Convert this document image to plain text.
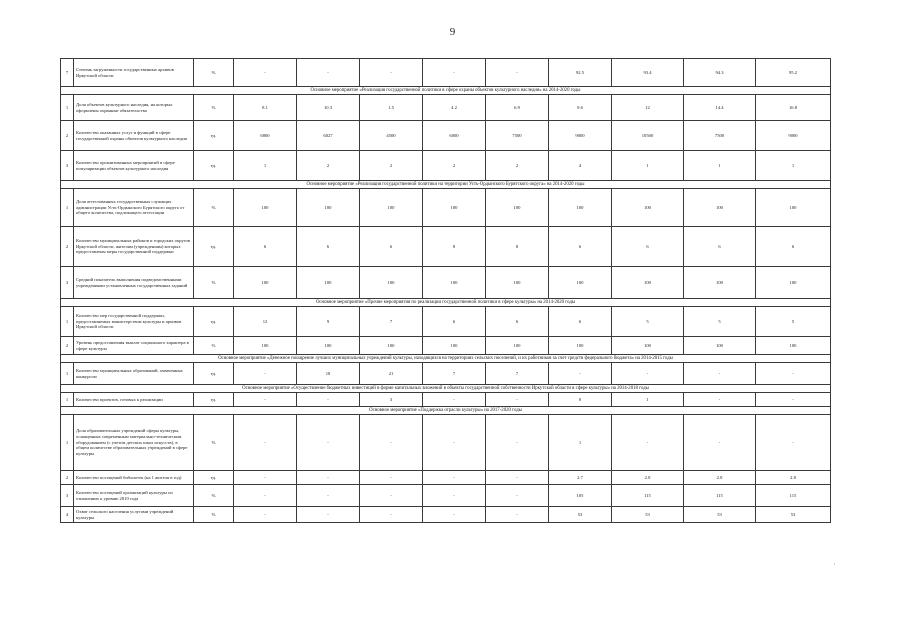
9
7	Степень загруженности государственных архивов Иркутской области	%	-	-	-	-	-	92.5	93.4	94.3	95.2
Основное мероприятие «Реализация государственной политики в сфере охраны объектов культурного наследия» на 2014-2020 годы											
1	Доля объектов культурного наследия, на которых оформлены охранные обязательства	%	8.1	10.3	1.5	4.2	6.9	9.6	12	14.4	16.8
2	Количество оказанных услуг и функций в сфере государственной охраны объектов культурного наследия	ед.	6800	6027	4500	6000	7500	9000	10500	7500	9000
3	Количество организованных мероприятий в сфере популяризации объектов культурного наследия	ед.	1	2	2	2	2	4	1	1	1
Основное мероприятие «Реализация государственной политики на территории Усть-Ордынского Бурятского округа» на 2014-2020 годы											
1	Доля аттестованных государственных служащих администрации Усть-Ордынского Бурятского округа от общего количества, подлежащего аттестации	%	100	100	100	100	100	100	100	100	100
2	Количество муниципальных районов и городских округов Иркутской области, жителям (учреждениям) которых предоставлены меры государственной поддержки	ед.	6	6	6	8	8	6	6	6	6
3	Средний показатель выполнения подведомственными учреждениями установленных государственных заданий	%	100	100	100	100	100	100	100	100	100
Основное мероприятие «Прочие мероприятия по реализации государственной политики в сфере культуры» на 2014-2020 годы											
1	Количество мер государственной поддержки, предоставляемых министерством культуры и архивов Иркутской области	ед.	12	9	7	6	6	6	5	5	5
2	Уровень предоставления выплат социального характера в сфере культуры	%	100	100	100	100	100	100	100	100	100
Основное мероприятие «Денежное поощрение лучших муниципальных учреждений культуры, находящихся на территориях сельских поселений, и их работников за счет средств федерального бюджета» на 2014-2015 годы											
1	Количество муниципальных образований, охваченных конкурсом	ед.	-	18	21	7	7	-	-	-	-
Основное мероприятие «Осуществление бюджетных инвестиций в форме капитальных вложений в объекты государственной собственности Иркутской области в сфере культуры» на 2014-2018 годы											
1	Количество проектов, готовых к реализации	ед.	-	-	3	-	-	0	1	-	-
Основное мероприятие «Поддержка отрасли культуры» на 2017-2020 годы											
1	Доля образовательных учреждений сферы культуры, оснащенных современным материально-техническим оборудованием (с учетом детских школ искусств), в общем количестве образовательных учреждений в сфере культуры	%	-	-	-	-	-	1	-	-	-
2	Количество посещений библиотек (на 1 жителя в год)	ед.	-	-	-	-	-	2.7	2.8	2.8	2.8
3	Количество посещений организаций культуры по отношению к уровню 2010 года	%	-	-	-	-	-	105	115	115	115
4	Охват сельского населения услугами учреждений культуры	%	-	-	-	-	-	53	53	53	53
,
